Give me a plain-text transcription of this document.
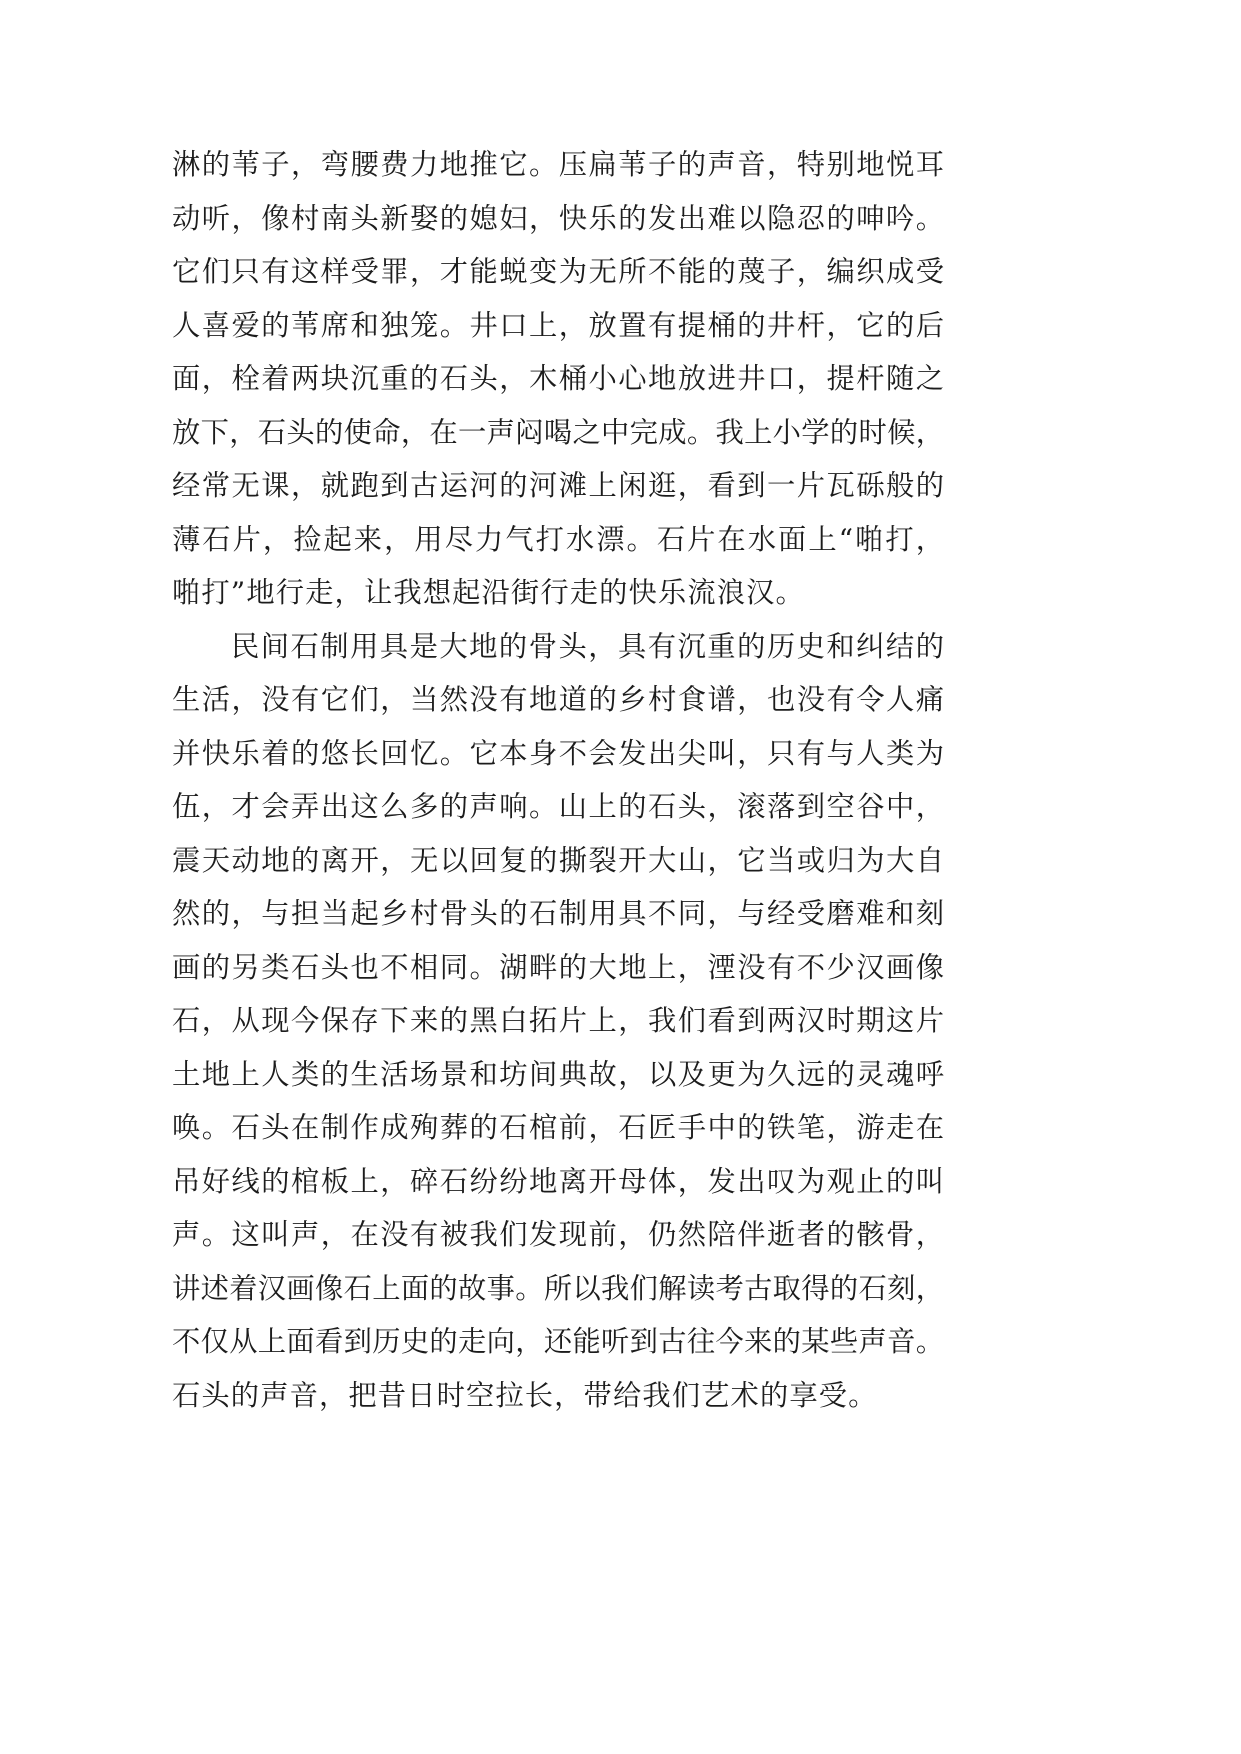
淋的苇子，弯腰费力地推它。压扁苇子的声音，特别地悦耳
动听，像村南头新娶的媳妇，快乐的发出难以隐忍的呻吟。
它们只有这样受罪，才能蜕变为无所不能的蔑子，编织成受
人喜爱的苇席和独笼。井口上，放置有提桶的井杆，它的后
面，栓着两块沉重的石头，木桶小心地放进井口，提杆随之
放下，石头的使命，在一声闷喝之中完成。我上小学的时候，
经常无课，就跑到古运河的河滩上闲逛，看到一片瓦砾般的
薄石片，捡起来，用尽力气打水漂。石片在水面上“啪打，
啪打”地行走，让我想起沿街行走的快乐流浪汉。
民间石制用具是大地的骨头，具有沉重的历史和纠结的
生活，没有它们，当然没有地道的乡村食谱，也没有令人痛
并快乐着的悠长回忆。它本身不会发出尖叫，只有与人类为
伍，才会弄出这么多的声响。山上的石头，滚落到空谷中，
震天动地的离开，无以回复的撕裂开大山，它当或归为大自
然的，与担当起乡村骨头的石制用具不同，与经受磨难和刻
画的另类石头也不相同。湖畔的大地上，湮没有不少汉画像
石，从现今保存下来的黑白拓片上，我们看到两汉时期这片
土地上人类的生活场景和坊间典故，以及更为久远的灵魂呼
唤。石头在制作成殉葬的石棺前，石匠手中的铁笔，游走在
吊好线的棺板上，碎石纷纷地离开母体，发出叹为观止的叫
声。这叫声，在没有被我们发现前，仍然陪伴逝者的骸骨，
讲述着汉画像石上面的故事。所以我们解读考古取得的石刻，
不仅从上面看到历史的走向，还能听到古往今来的某些声音。
石头的声音，把昔日时空拉长，带给我们艺术的享受。
